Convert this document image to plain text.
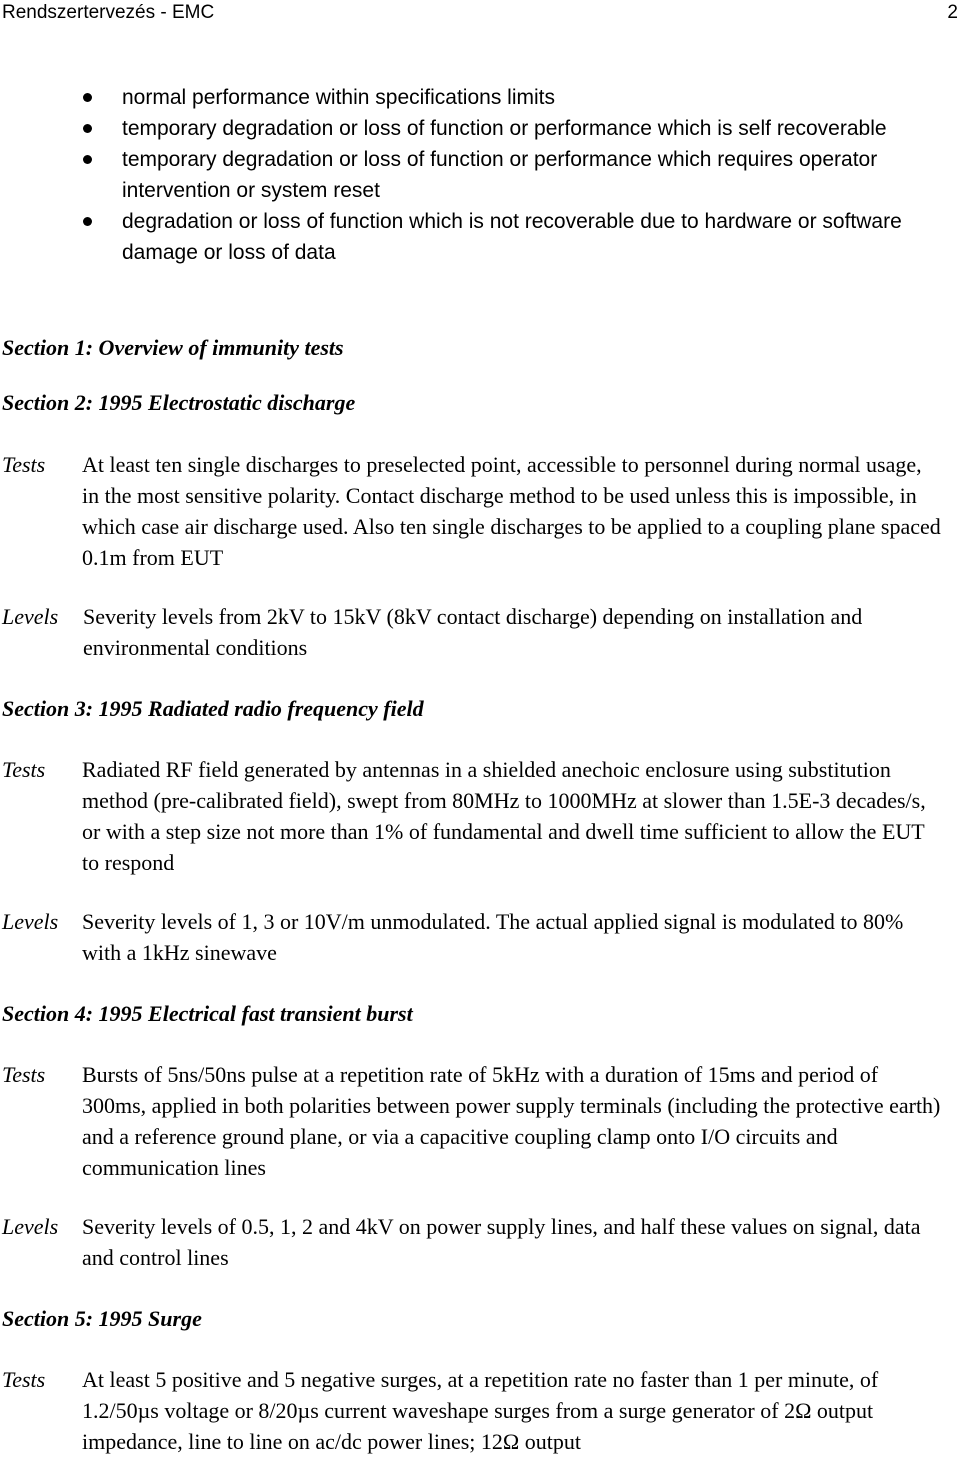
Rendszertervezés - EMC	2
normal performance within specifications limits
temporary degradation or loss of function or performance which is self recoverable
temporary degradation or loss of function or performance which requires operator intervention or system reset
degradation or loss of function which is not recoverable due to hardware or software damage or loss of data
Section 1: Overview of immunity tests
Section 2: 1995 Electrostatic discharge
Tests At least ten single discharges to preselected point, accessible to personnel during normal usage, in the most sensitive polarity. Contact discharge method to be used unless this is impossible, in which case air discharge used. Also ten single discharges to be applied to a coupling plane spaced 0.1m from EUT
Levels Severity levels from 2kV to 15kV (8kV contact discharge) depending on installation and environmental conditions
Section 3: 1995 Radiated radio frequency field
Tests Radiated RF field generated by antennas in a shielded anechoic enclosure using substitution method (pre-calibrated field), swept from 80MHz to 1000MHz at slower than 1.5E-3 decades/s, or with a step size not more than 1% of fundamental and dwell time sufficient to allow the EUT to respond
Levels Severity levels of 1, 3 or 10V/m unmodulated. The actual applied signal is modulated to 80% with a 1kHz sinewave
Section 4: 1995 Electrical fast transient burst
Tests Bursts of 5ns/50ns pulse at a repetition rate of 5kHz with a duration of 15ms and period of 300ms, applied in both polarities between power supply terminals (including the protective earth) and a reference ground plane, or via a capacitive coupling clamp onto I/O circuits and communication lines
Levels Severity levels of 0.5, 1, 2 and 4kV on power supply lines, and half these values on signal, data and control lines
Section 5: 1995 Surge
Tests At least 5 positive and 5 negative surges, at a repetition rate no faster than 1 per minute, of 1.2/50µs voltage or 8/20µs current waveshape surges from a surge generator of 2Ω output impedance, line to line on ac/dc power lines; 12Ω output
